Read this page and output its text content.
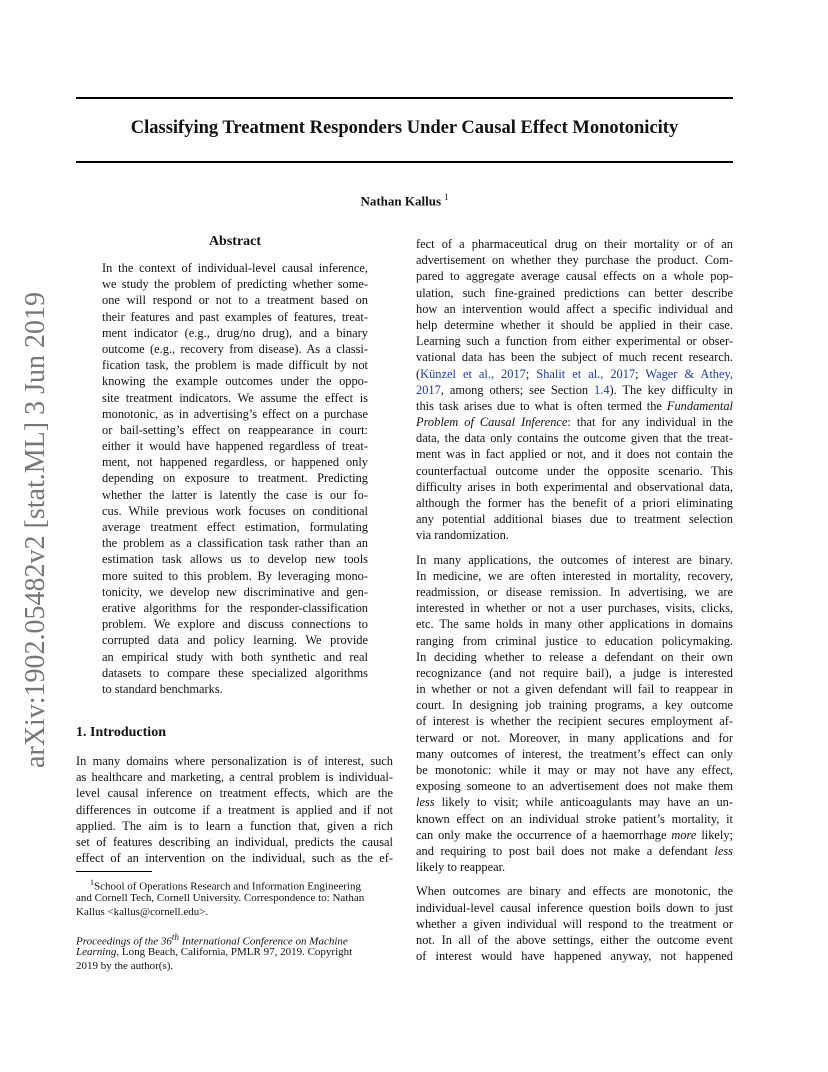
Classifying Treatment Responders Under Causal Effect Monotonicity
Nathan Kallus $^1$
arXiv:1902.05482v2 [stat.ML] 3 Jun 2019
Abstract
In the context of individual-level causal inference,
we study the problem of predicting whether some-
one will respond or not to a treatment based on
their features and past examples of features, treat-
ment indicator (e.g., drug/no drug), and a binary
outcome (e.g., recovery from disease). As a classi-
fication task, the problem is made difficult by not
knowing the example outcomes under the oppo-
site treatment indicators. We assume the effect is
monotonic, as in advertising’s effect on a purchase
or bail-setting’s effect on reappearance in court:
either it would have happened regardless of treat-
ment, not happened regardless, or happened only
depending on exposure to treatment. Predicting
whether the latter is latently the case is our fo-
cus. While previous work focuses on conditional
average treatment effect estimation, formulating
the problem as a classification task rather than an
estimation task allows us to develop new tools
more suited to this problem. By leveraging mono-
tonicity, we develop new discriminative and gen-
erative algorithms for the responder-classification
problem. We explore and discuss connections to
corrupted data and policy learning. We provide
an empirical study with both synthetic and real
datasets to compare these specialized algorithms
to standard benchmarks.
1. Introduction
In many domains where personalization is of interest, such
as healthcare and marketing, a central problem is individual-
level causal inference on treatment effects, which are the
differences in outcome if a treatment is applied and if not
applied. The aim is to learn a function that, given a rich
set of features describing an individual, predicts the causal
effect of an intervention on the individual, such as the ef-
$^1$School of Operations Research and Information Engineering
and Cornell Tech, Cornell University. Correspondence to: Nathan
Kallus <kallus@cornell.edu>.
Proceedings of the 36th International Conference on Machine
Learning, Long Beach, California, PMLR 97, 2019. Copyright
2019 by the author(s).
fect of a pharmaceutical drug on their mortality or of an
advertisement on whether they purchase the product. Com-
pared to aggregate average causal effects on a whole pop-
ulation, such fine-grained predictions can better describe
how an intervention would affect a specific individual and
help determine whether it should be applied in their case.
Learning such a function from either experimental or obser-
vational data has been the subject of much recent research.
(Künzel et al., 2017; Shalit et al., 2017; Wager & Athey,
2017, among others; see Section 1.4). The key difficulty in
this task arises due to what is often termed the Fundamental
Problem of Causal Inference: that for any individual in the
data, the data only contains the outcome given that the treat-
ment was in fact applied or not, and it does not contain the
counterfactual outcome under the opposite scenario. This
difficulty arises in both experimental and observational data,
although the former has the benefit of a priori eliminating
any potential additional biases due to treatment selection
via randomization.
In many applications, the outcomes of interest are binary.
In medicine, we are often interested in mortality, recovery,
readmission, or disease remission. In advertising, we are
interested in whether or not a user purchases, visits, clicks,
etc. The same holds in many other applications in domains
ranging from criminal justice to education policymaking.
In deciding whether to release a defendant on their own
recognizance (and not require bail), a judge is interested
in whether or not a given defendant will fail to reappear in
court. In designing job training programs, a key outcome
of interest is whether the recipient secures employment af-
terward or not. Moreover, in many applications and for
many outcomes of interest, the treatment’s effect can only
be monotonic: while it may or may not have any effect,
exposing someone to an advertisement does not make them
less likely to visit; while anticoagulants may have an un-
known effect on an individual stroke patient’s mortality, it
can only make the occurrence of a haemorrhage more likely;
and requiring to post bail does not make a defendant less
likely to reappear.
When outcomes are binary and effects are monotonic, the
individual-level causal inference question boils down to just
whether a given individual will respond to the treatment or
not. In all of the above settings, either the outcome event
of interest would have happened anyway, not happened
